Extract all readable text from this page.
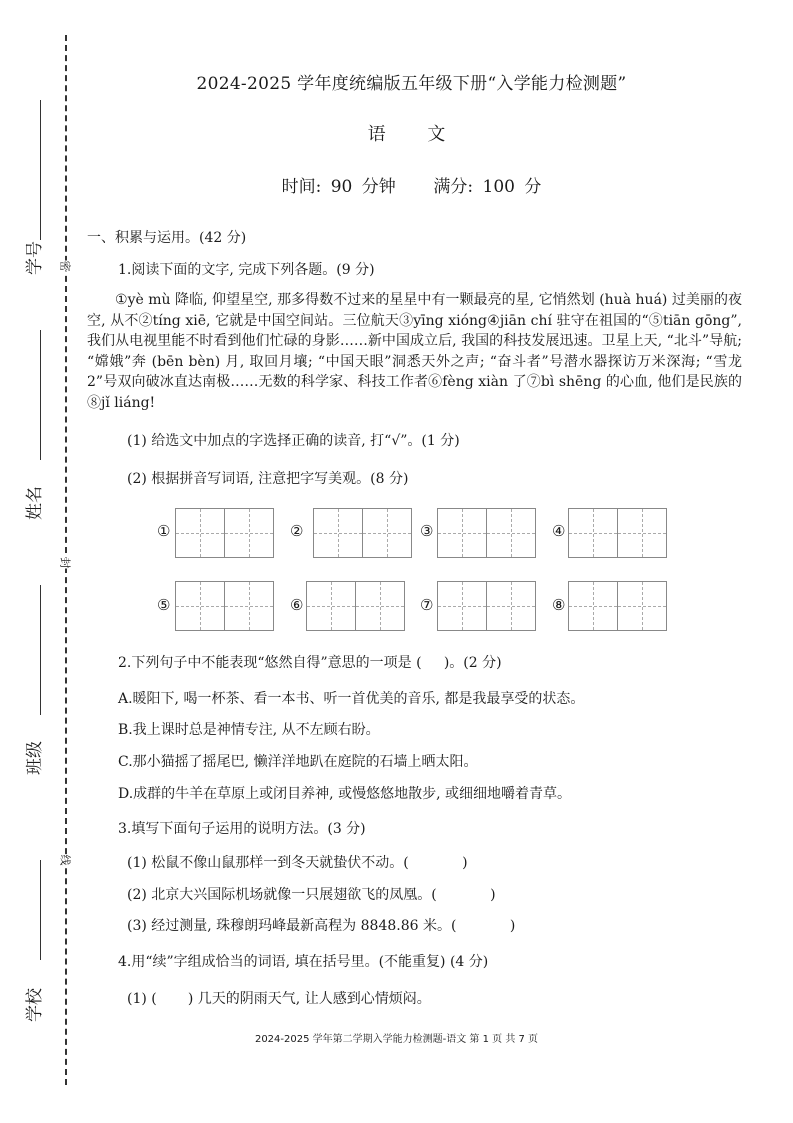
学号
姓名
班级
学校
密
封
线
2024-2025 学年度统编版五年级下册“入学能力检测题”
语 文
时间: 90 分钟    满分: 100 分
一、积累与运用。(42 分)
1.阅读下面的文字, 完成下列各题。(9 分)
①yè mù 降临, 仰望星空, 那多得数不过来的星星中有一颗最亮的星, 它悄然划 (huà huá) 过美丽的夜空, 从不②tíng xiē, 它就是中国空间站。三位航天③yīng xióng④jiān chí 驻守在祖国的“⑤tiān gōng”, 我们从电视里能不时看到他们忙碌的身影……新中国成立后, 我国的科技发展迅速。卫星上天, “北斗”导航; “嫦娥”奔 (bēn bèn) 月, 取回月壤; “中国天眼”洞悉天外之声; “奋斗者”号潜水器探访万米深海; “雪龙 2”号双向破冰直达南极……无数的科学家、科技工作者⑥fèng xiàn 了⑦bì shēng 的心血, 他们是民族的⑧jǐ liáng!
(1) 给选文中加点的字选择正确的读音, 打“√”。(1 分)
(2) 根据拼音写词语, 注意把字写美观。(8 分)
①	②	③	④
⑤	⑥	⑦	⑧
2.下列句子中不能表现“悠然自得”意思的一项是 (     )。(2 分)
A.暖阳下, 喝一杯茶、看一本书、听一首优美的音乐, 都是我最享受的状态。
B.我上课时总是神情专注, 从不左顾右盼。
C.那小猫摇了摇尾巴, 懒洋洋地趴在庭院的石墙上晒太阳。
D.成群的牛羊在草原上或闭目养神, 或慢悠悠地散步, 或细细地嚼着青草。
3.填写下面句子运用的说明方法。(3 分)
(1) 松鼠不像山鼠那样一到冬天就蛰伏不动。(            )
(2) 北京大兴国际机场就像一只展翅欲飞的凤凰。(            )
(3) 经过测量, 珠穆朗玛峰最新高程为 8848.86 米。(            )
4.用“续”字组成恰当的词语, 填在括号里。(不能重复) (4 分)
(1) (       ) 几天的阴雨天气, 让人感到心情烦闷。
2024-2025 学年第二学期入学能力检测题-语文 第 1 页 共 7 页
